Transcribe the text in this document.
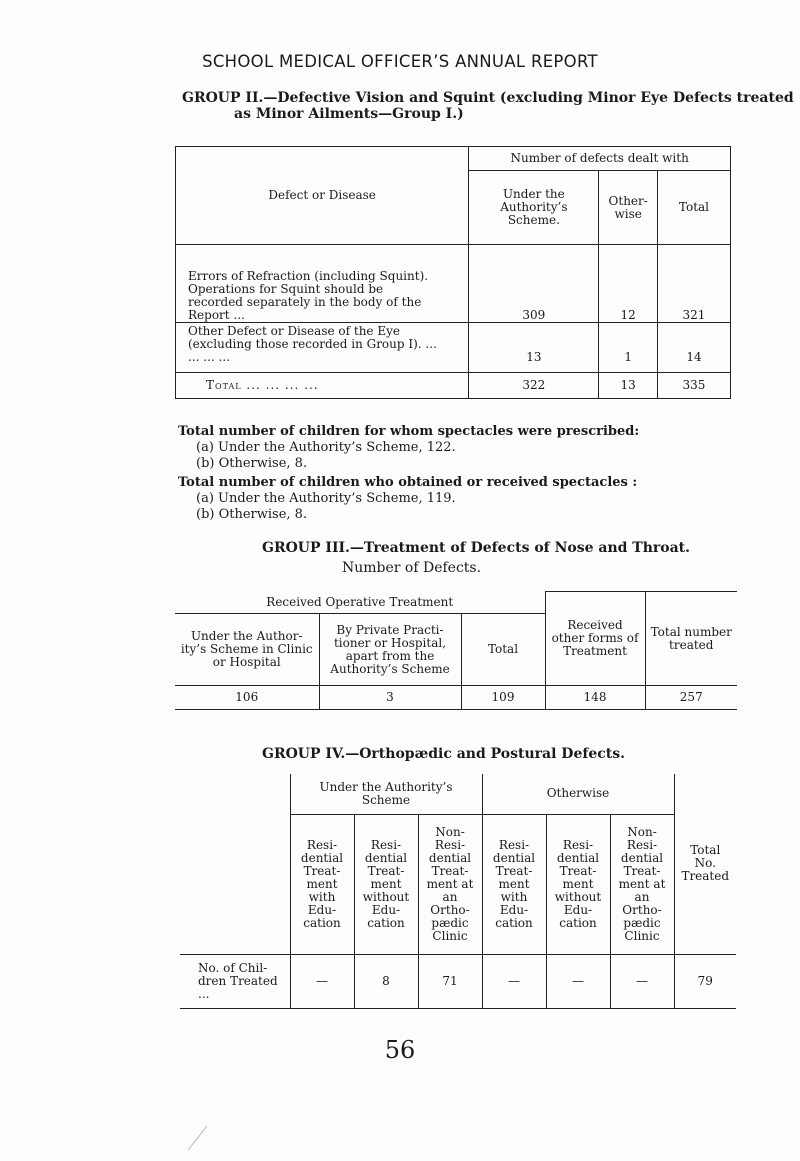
SCHOOL MEDICAL OFFICER’S ANNUAL REPORT
GROUP II.—Defective Vision and Squint (excluding Minor Eye Defects treated
as Minor Ailments—Group I.)
Defect or Disease	Number of defects dealt with		
	Under the Authority’s Scheme.	Other- wise	Total
Errors of Refraction (including Squint). Operations for Squint should be recorded separately in the body of the Report ...	309	12	321
Other Defect or Disease of the Eye (excluding those recorded in Group I). ... ... ... ...	13	1	14
Total ... ... ... ...	322	13	335

Total number of children for whom spectacles were prescribed:

(a) Under the Authority’s Scheme, 122.

(b) Otherwise, 8.

Total number of children who obtained or received spectacles :

(a) Under the Authority’s Scheme, 119.

(b) Otherwise, 8.

GROUP III.—Treatment of Defects of Nose and Throat.
Number of Defects.
Received Operative Treatment			Received other forms of Treatment	Total number treated
Under the Author- ity’s Scheme in Clinic or Hospital	By Private Practi- tioner or Hospital, apart from the Authority’s Scheme	Total		
106	3	109	148	257
GROUP IV.—Orthopædic and Postural Defects.
	Under the Authority’s Scheme			Otherwise			Total No. Treated
	Resi- dential Treat- ment with Edu- cation	Resi- dential Treat- ment without Edu- cation	Non- Resi- dential Treat- ment at an Ortho- pædic Clinic	Resi- dential Treat- ment with Edu- cation	Resi- dential Treat- ment without Edu- cation	Non- Resi- dential Treat- ment at an Ortho- pædic Clinic	
No. of Chil- dren Treated ...	—	8	71	—	—	—	79
56
